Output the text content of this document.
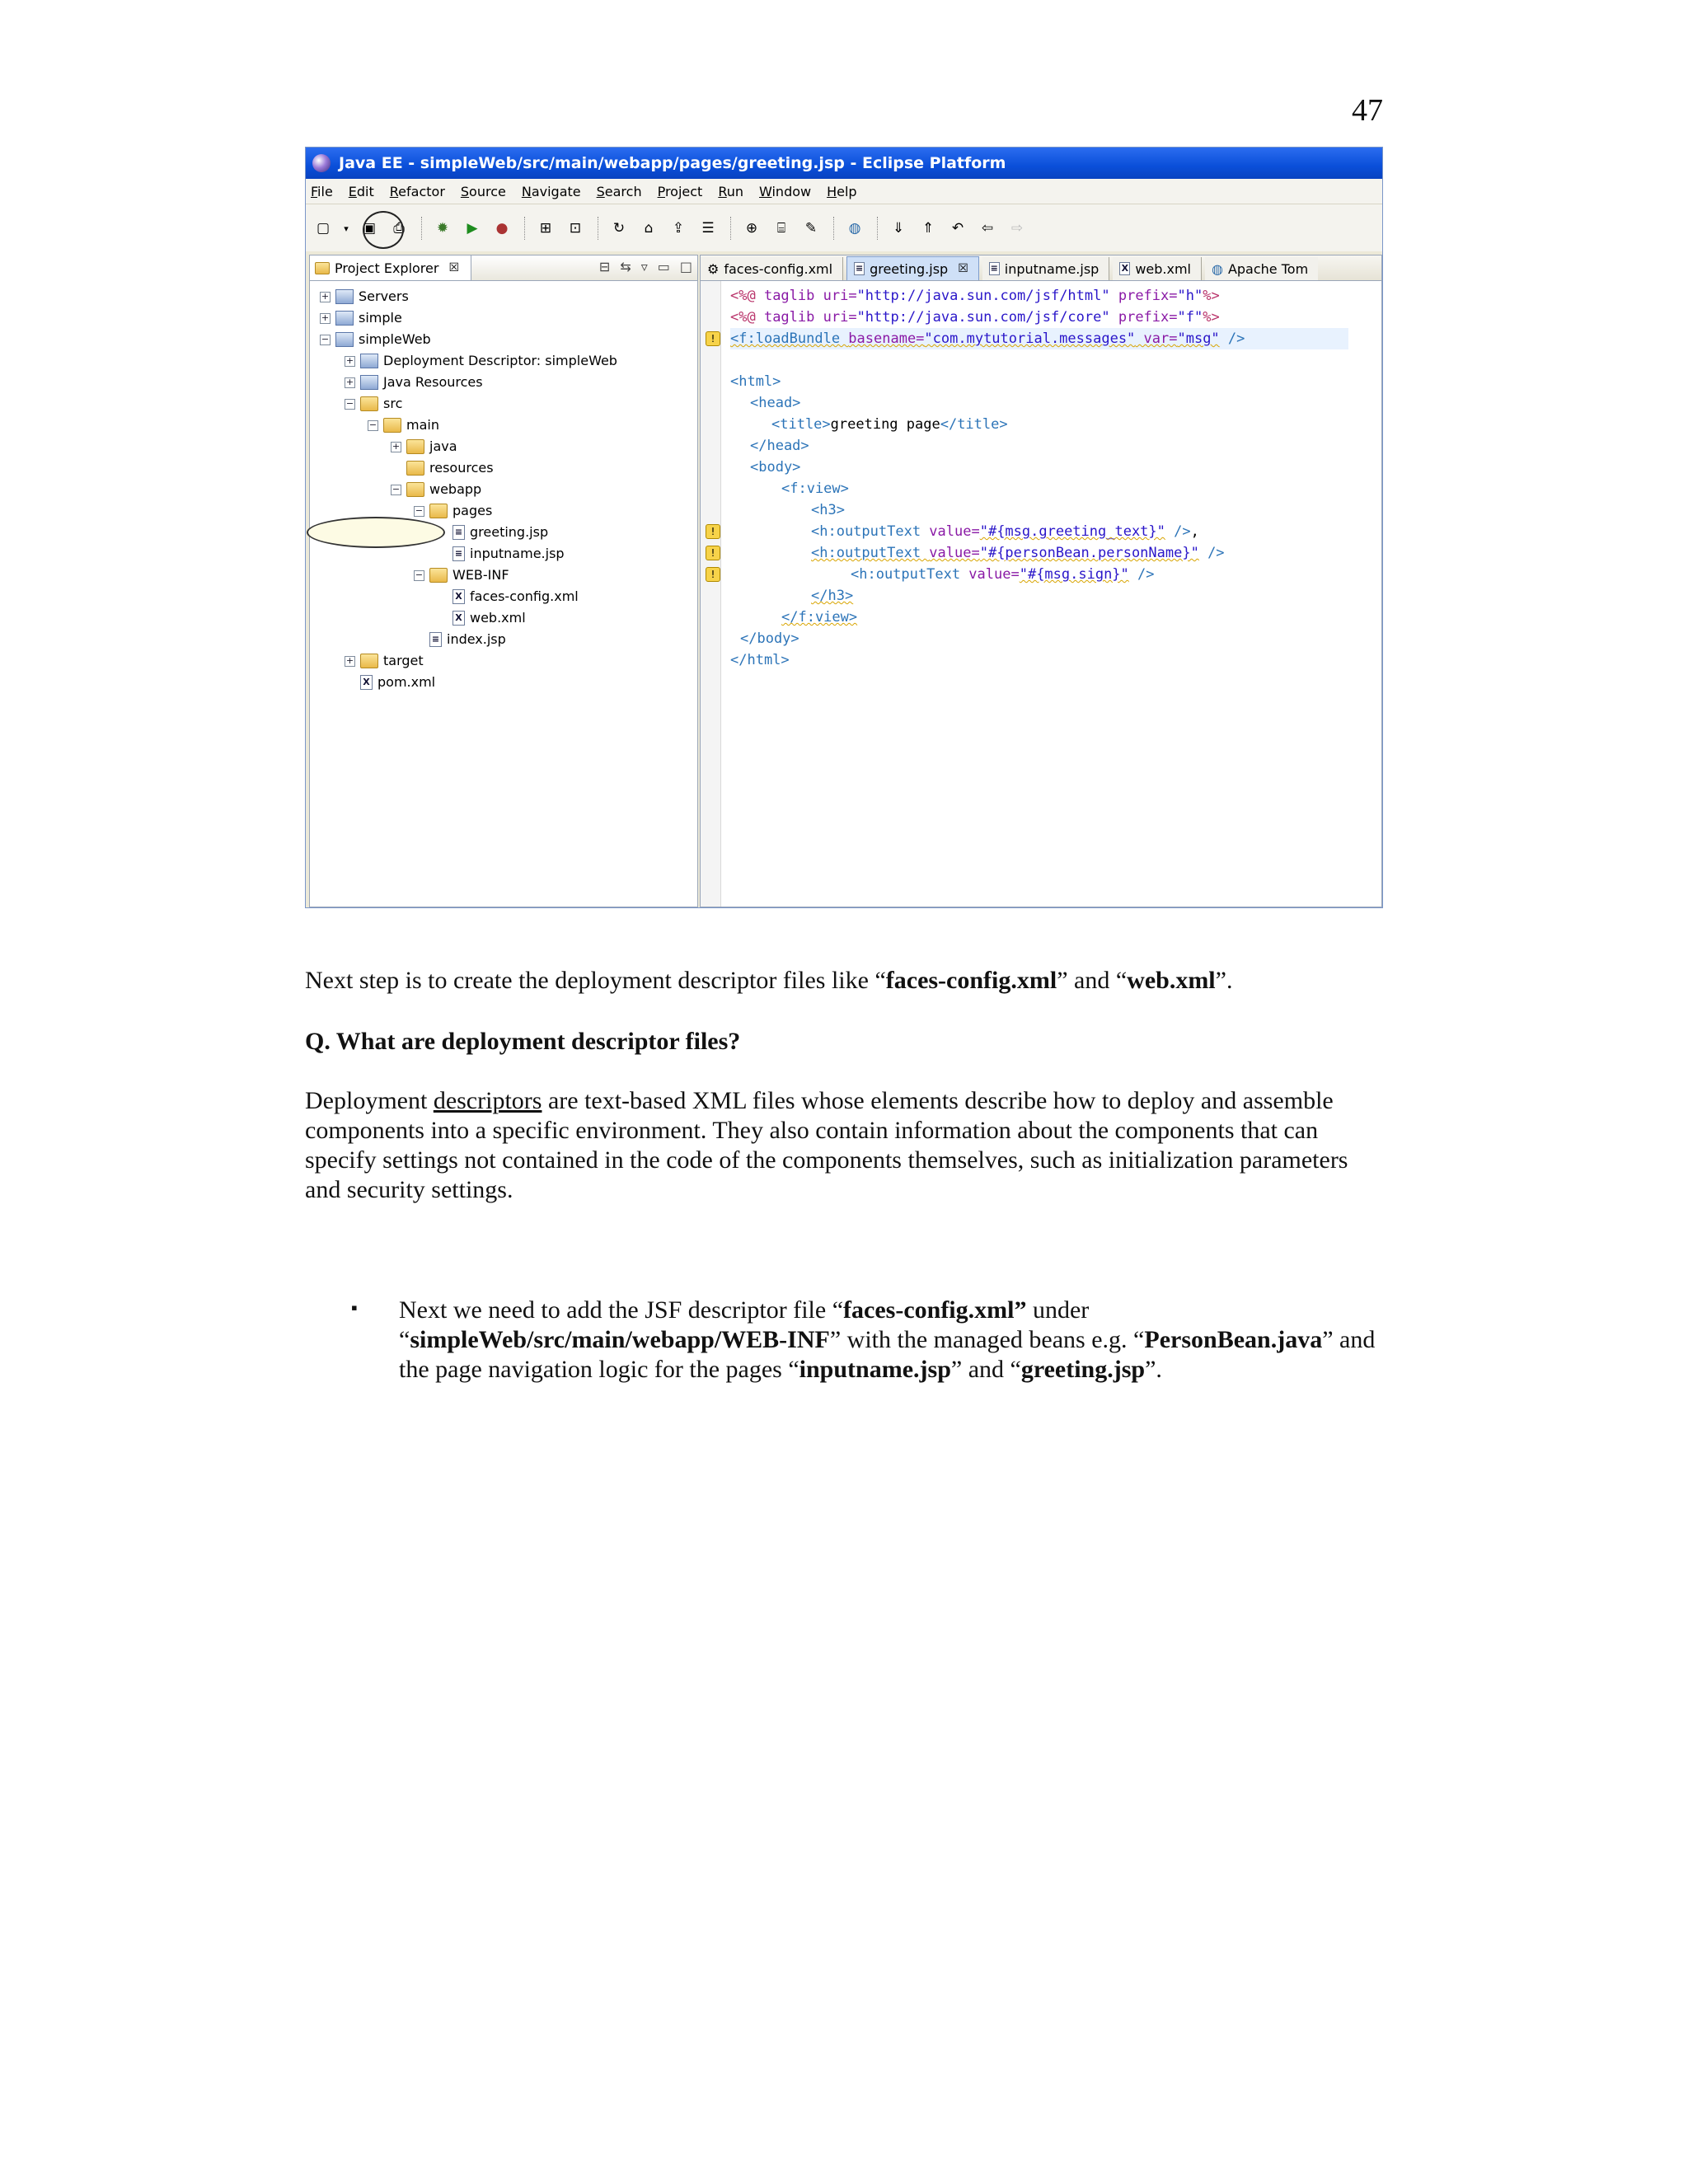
47
Java EE - simpleWeb/src/main/webapp/pages/greeting.jsp - Eclipse Platform
File Edit Refactor Source Navigate Search Project Run Window Help
▢	▾ ▣	⎙	✹	▶	●	⊞	⊡	↻	⌂	⇪	☰	⊕	⌸	✎	◍	⇓	⇑	↶	⇦	⇨
Project Explorer ☒	⊟ ⇆ ▿ ▭ □
+ Servers
+ simple
− simpleWeb
+ Deployment Descriptor: simpleWeb
+ Java Resources
− src
− main
+ java
resources
− webapp
− pages
≡ greeting.jsp
≡ inputname.jsp
− WEB-INF
X faces-config.xml
X web.xml
≡ index.jsp
+ target
X pom.xml
⚙ faces-config.xml	≡ greeting.jsp ☒ ≡ inputname.jsp X web.xml ◍ Apache Tom
<%@ taglib uri="http://java.sun.com/jsf/html" prefix="h"%>
<%@ taglib uri="http://java.sun.com/jsf/core" prefix="f"%>
!	<f:loadBundle basename="com.mytutorial.messages" var="msg" />
<html>
<head>
<title>greeting page</title>
</head>
<body>
<f:view>
<h3>
!	<h:outputText value="#{msg.greeting_text}" />,
!	<h:outputText value="#{personBean.personName}" />
!	<h:outputText value="#{msg.sign}" />
</h3>
</f:view>
</body>
</html>
Next step is to create the deployment descriptor files like “faces-config.xml” and “web.xml”.
Q. What are deployment descriptor files?
Deployment descriptors are text-based XML files whose elements describe how to deploy and assemble components into a specific environment. They also contain information about the components that can specify settings not contained in the code of the components themselves, such as initialization parameters and security settings.
▪ Next we need to add the JSF descriptor file “faces-config.xml” under “simpleWeb/src/main/webapp/WEB-INF” with the managed beans e.g. “PersonBean.java” and the page navigation logic for the pages “inputname.jsp” and “greeting.jsp”.
